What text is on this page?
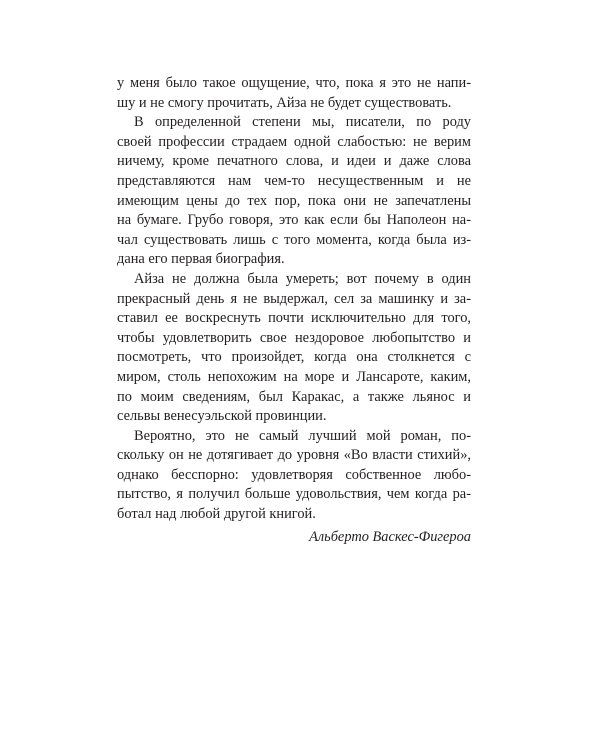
у меня было такое ощущение, что, пока я это не напи-
шу и не смогу прочитать, Айза не будет существовать.

В определенной степени мы, писатели, по роду
своей профессии страдаем одной слабостью: не верим
ничему, кроме печатного слова, и идеи и даже слова
представляются нам чем-то несущественным и не
имеющим цены до тех пор, пока они не запечатлены
на бумаге. Грубо говоря, это как если бы Наполеон на-
чал существовать лишь с того момента, когда была из-
дана его первая биография.

Айза не должна была умереть; вот почему в один
прекрасный день я не выдержал, сел за машинку и за-
ставил ее воскреснуть почти исключительно для того,
чтобы удовлетворить свое нездоровое любопытство и
посмотреть, что произойдет, когда она столкнется с
миром, столь непохожим на море и Лансароте, каким,
по моим сведениям, был Каракас, а также льянос и
сельвы венесуэльской провинции.

Вероятно, это не самый лучший мой роман, по-
скольку он не дотягивает до уровня «Во власти стихий»,
однако бесспорно: удовлетворяя собственное любо-
пытство, я получил больше удовольствия, чем когда ра-
ботал над любой другой книгой.

Альберто Васкес-Фигероа
